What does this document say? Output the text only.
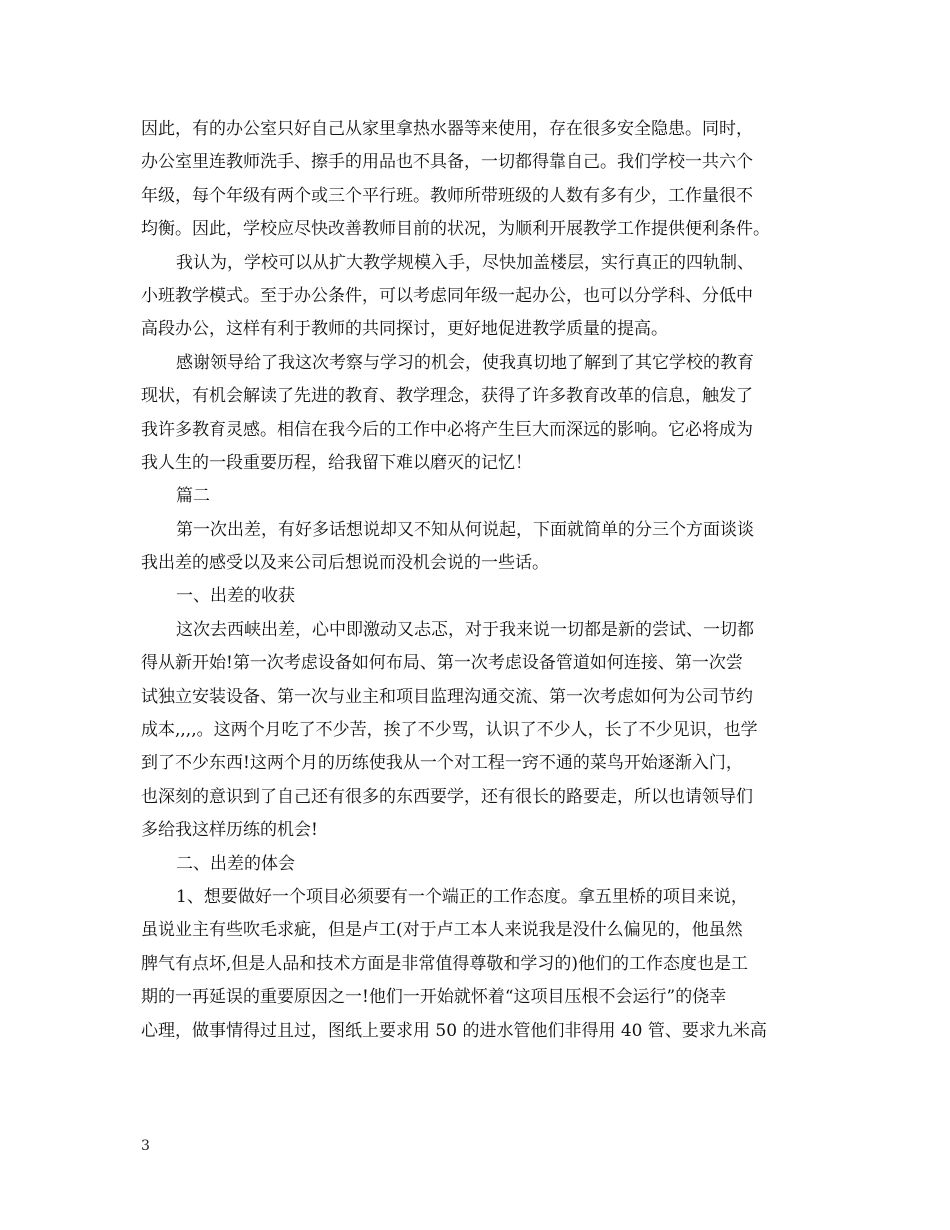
因此，有的办公室只好自己从家里拿热水器等来使用，存在很多安全隐患。同时，
办公室里连教师洗手、擦手的用品也不具备，一切都得靠自己。我们学校一共六个
年级，每个年级有两个或三个平行班。教师所带班级的人数有多有少，工作量很不
均衡。因此，学校应尽快改善教师目前的状况，为顺利开展教学工作提供便利条件。
我认为，学校可以从扩大教学规模入手，尽快加盖楼层，实行真正的四轨制、
小班教学模式。至于办公条件，可以考虑同年级一起办公，也可以分学科、分低中
高段办公，这样有利于教师的共同探讨，更好地促进教学质量的提高。
感谢领导给了我这次考察与学习的机会，使我真切地了解到了其它学校的教育
现状，有机会解读了先进的教育、教学理念，获得了许多教育改革的信息，触发了
我许多教育灵感。相信在我今后的工作中必将产生巨大而深远的影响。它必将成为
我人生的一段重要历程，给我留下难以磨灭的记忆！
篇二
第一次出差，有好多话想说却又不知从何说起，下面就简单的分三个方面谈谈
我出差的感受以及来公司后想说而没机会说的一些话。
一、出差的收获
这次去西峡出差，心中即激动又忐忑，对于我来说一切都是新的尝试、一切都
得从新开始!第一次考虑设备如何布局、第一次考虑设备管道如何连接、第一次尝
试独立安装设备、第一次与业主和项目监理沟通交流、第一次考虑如何为公司节约
成本,,,,。这两个月吃了不少苦，挨了不少骂，认识了不少人，长了不少见识，也学
到了不少东西!这两个月的历练使我从一个对工程一窍不通的菜鸟开始逐渐入门，
也深刻的意识到了自己还有很多的东西要学，还有很长的路要走，所以也请领导们
多给我这样历练的机会!
二、出差的体会
1、想要做好一个项目必须要有一个端正的工作态度。拿五里桥的项目来说，
虽说业主有些吹毛求疵，但是卢工(对于卢工本人来说我是没什么偏见的，他虽然
脾气有点坏,但是人品和技术方面是非常值得尊敬和学习的)他们的工作态度也是工
期的一再延误的重要原因之一!他们一开始就怀着“这项目压根不会运行”的侥幸
心理，做事情得过且过，图纸上要求用 50 的进水管他们非得用 40 管、要求九米高
3
